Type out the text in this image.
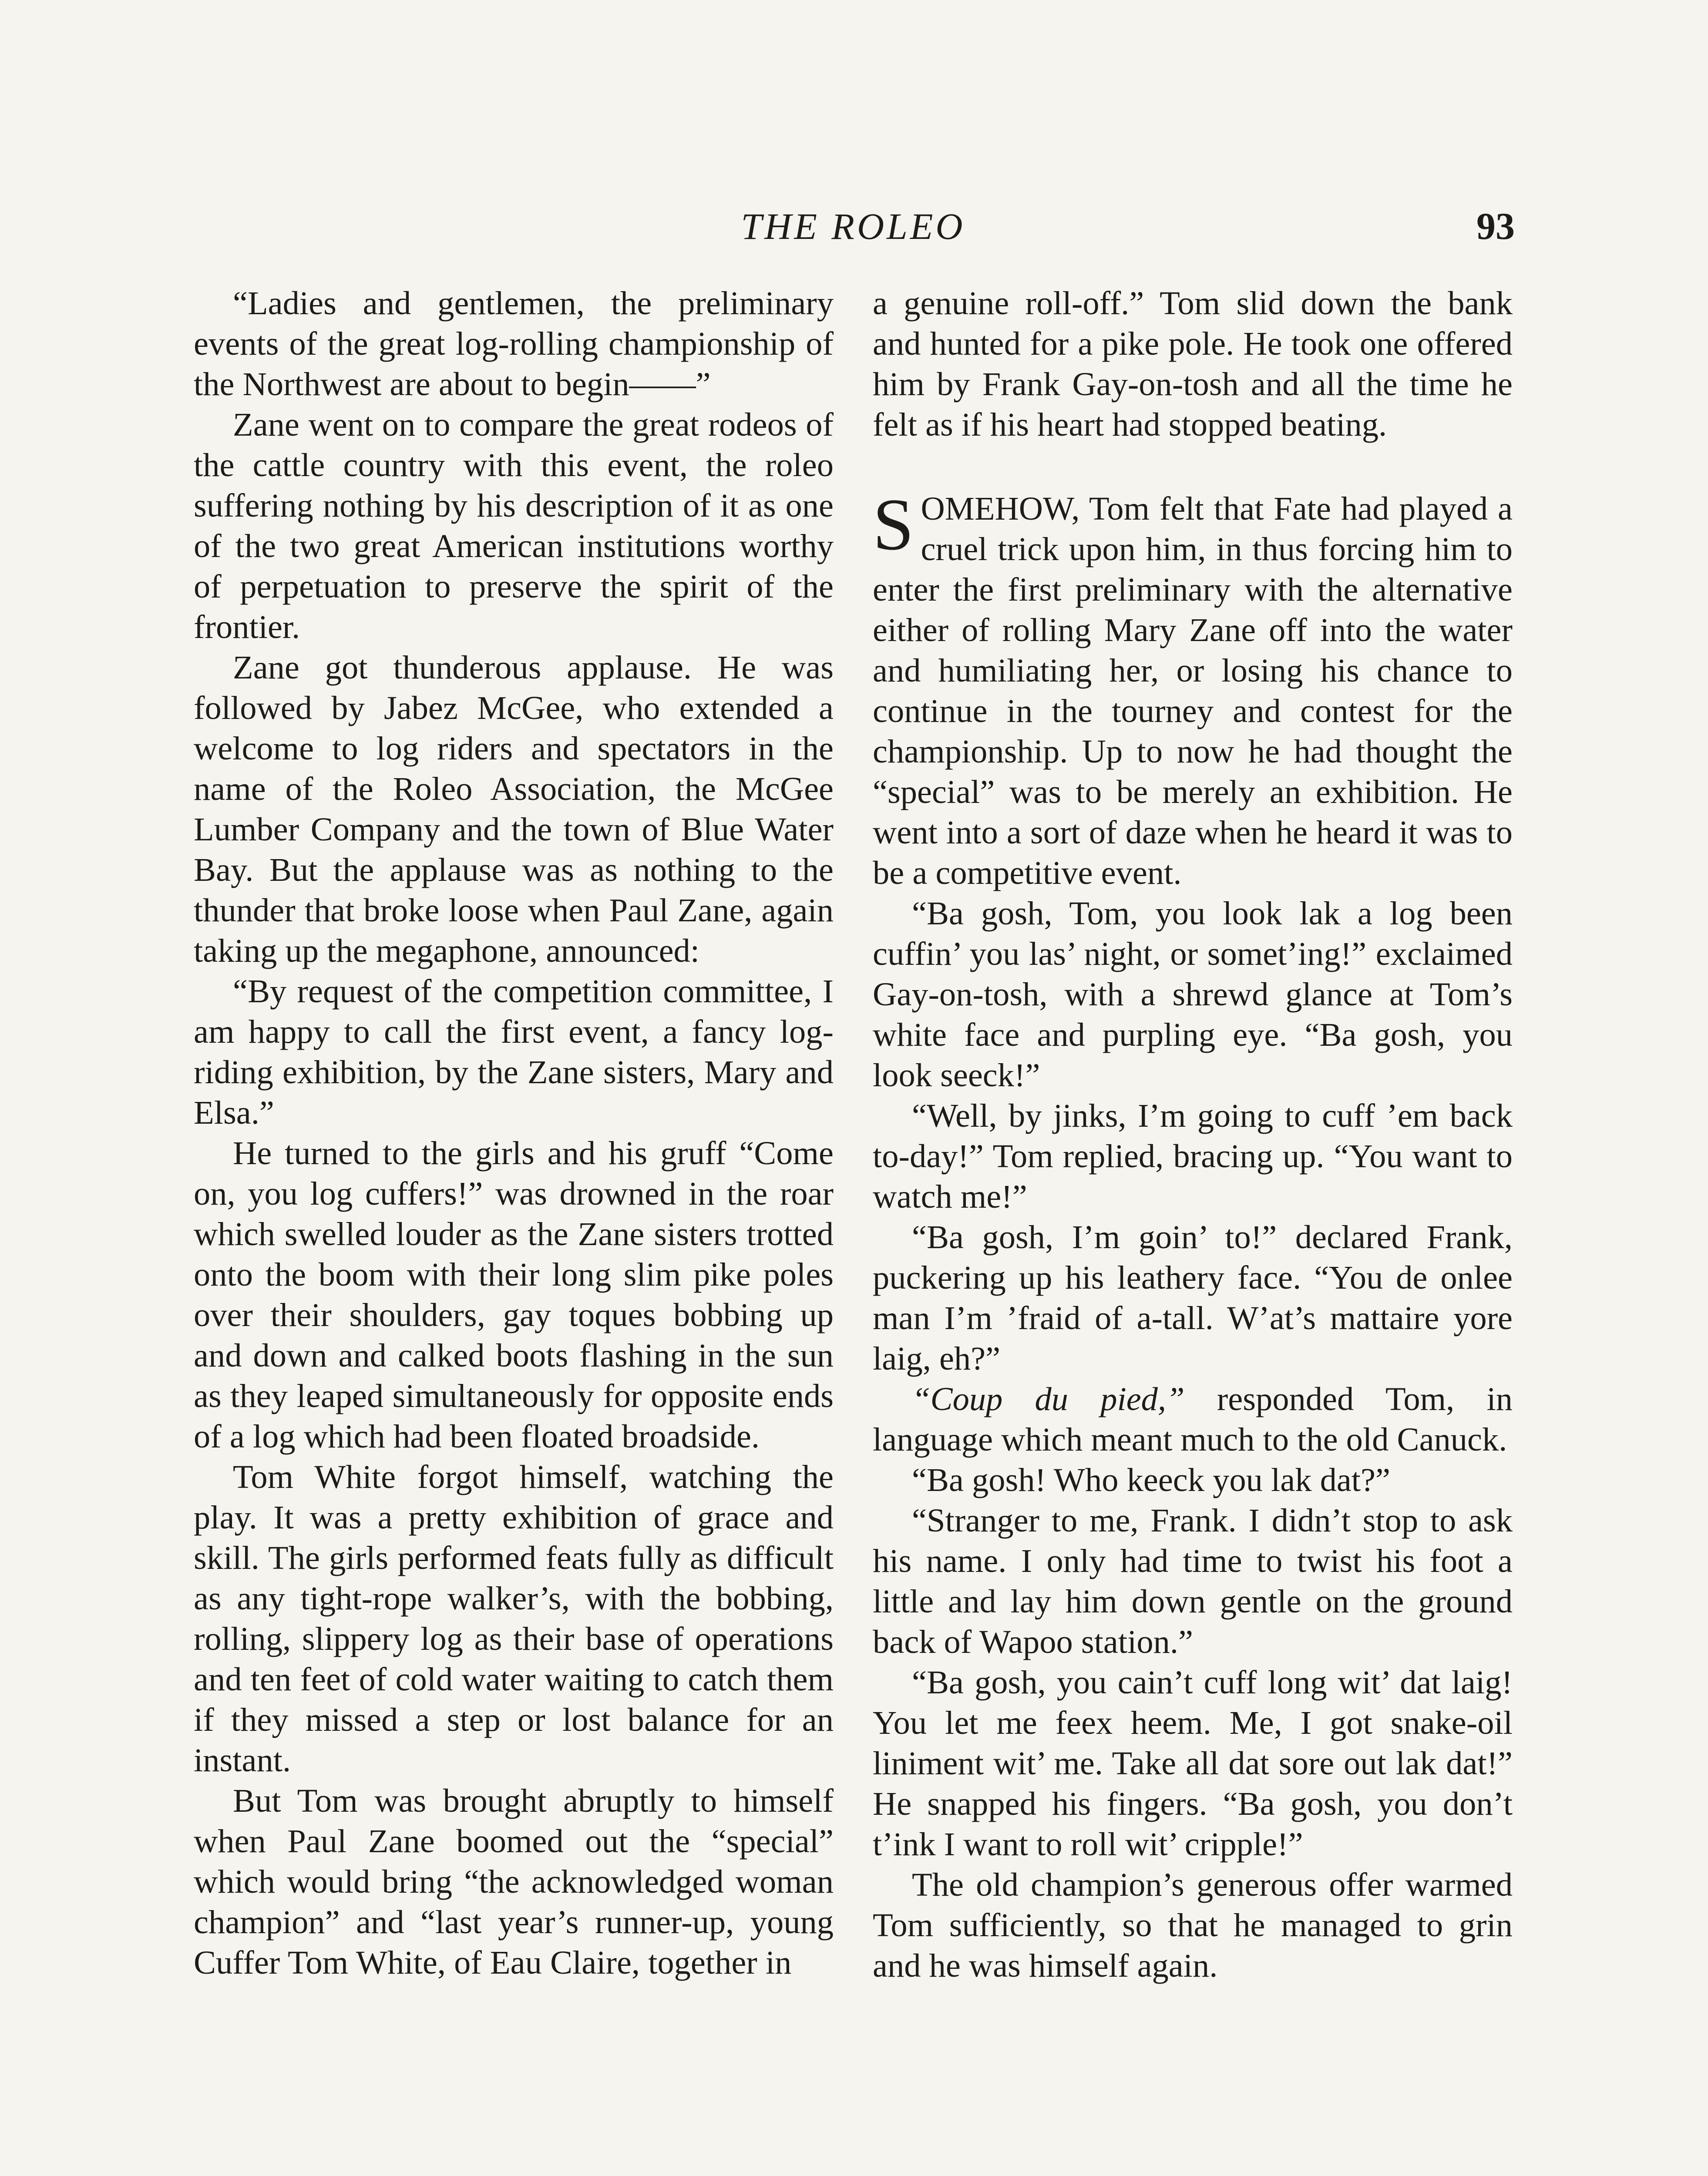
THE ROLEO	93

“Ladies and gentlemen, the preliminary events of the great log-rolling championship of the Northwest are about to begin——”

Zane went on to compare the great rodeos of the cattle country with this event, the roleo suffering nothing by his description of it as one of the two great American institutions worthy of perpetuation to preserve the spirit of the frontier.

Zane got thunderous applause. He was followed by Jabez McGee, who extended a welcome to log riders and spectators in the name of the Roleo Association, the McGee Lumber Company and the town of Blue Water Bay. But the applause was as nothing to the thunder that broke loose when Paul Zane, again taking up the megaphone, announced:

“By request of the competition committee, I am happy to call the first event, a fancy log-riding exhibition, by the Zane sisters, Mary and Elsa.”

He turned to the girls and his gruff “Come on, you log cuffers!” was drowned in the roar which swelled louder as the Zane sisters trotted onto the boom with their long slim pike poles over their shoulders, gay toques bobbing up and down and calked boots flashing in the sun as they leaped simultaneously for opposite ends of a log which had been floated broadside.

Tom White forgot himself, watching the play. It was a pretty exhibition of grace and skill. The girls performed feats fully as difficult as any tight-rope walker’s, with the bobbing, rolling, slippery log as their base of operations and ten feet of cold water waiting to catch them if they missed a step or lost balance for an instant.

But Tom was brought abruptly to himself when Paul Zane boomed out the “special” which would bring “the acknowledged woman champion” and “last year’s runner-up, young Cuffer Tom White, of Eau Claire, together in

a genuine roll-off.” Tom slid down the bank and hunted for a pike pole. He took one offered him by Frank Gay-on-tosh and all the time he felt as if his heart had stopped beating.

SOMEHOW, Tom felt that Fate had played a cruel trick upon him, in thus forcing him to enter the first preliminary with the alternative either of rolling Mary Zane off into the water and humiliating her, or losing his chance to continue in the tourney and contest for the championship. Up to now he had thought the “special” was to be merely an exhibition. He went into a sort of daze when he heard it was to be a competitive event.

“Ba gosh, Tom, you look lak a log been cuffin’ you las’ night, or somet’ing!” exclaimed Gay-on-tosh, with a shrewd glance at Tom’s white face and purpling eye. “Ba gosh, you look seeck!”

“Well, by jinks, I’m going to cuff ’em back to-day!” Tom replied, bracing up. “You want to watch me!”

“Ba gosh, I’m goin’ to!” declared Frank, puckering up his leathery face. “You de onlee man I’m ’fraid of a-tall. W’at’s mattaire yore laig, eh?”

“Coup du pied,” responded Tom, in language which meant much to the old Canuck.

“Ba gosh! Who keeck you lak dat?”

“Stranger to me, Frank. I didn’t stop to ask his name. I only had time to twist his foot a little and lay him down gentle on the ground back of Wapoo station.”

“Ba gosh, you cain’t cuff long wit’ dat laig! You let me feex heem. Me, I got snake-oil liniment wit’ me. Take all dat sore out lak dat!” He snapped his fingers. “Ba gosh, you don’t t’ink I want to roll wit’ cripple!”

The old champion’s generous offer warmed Tom sufficiently, so that he managed to grin and he was himself again.
